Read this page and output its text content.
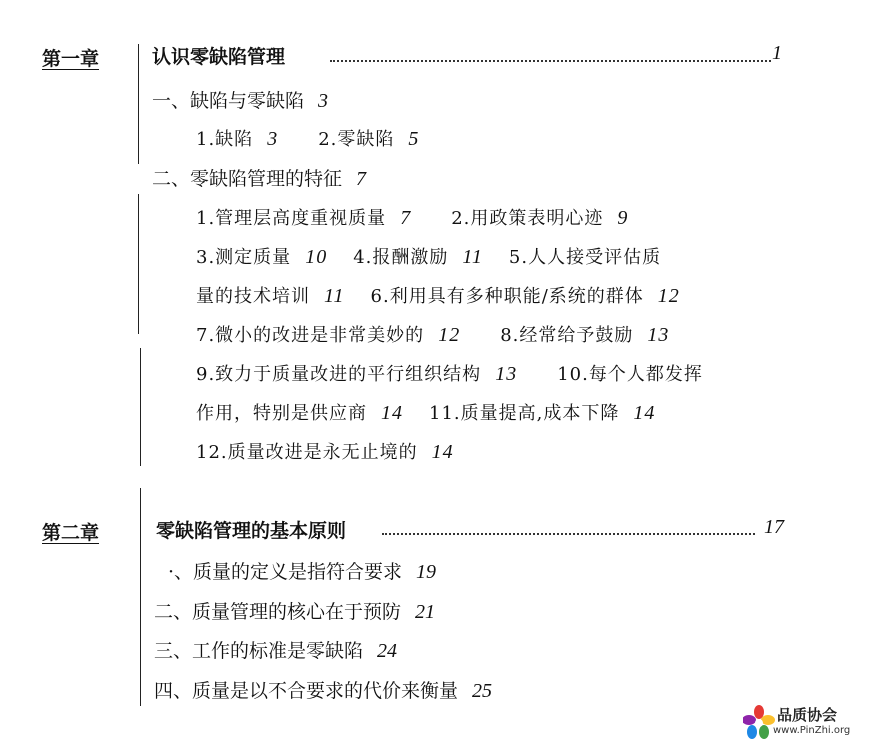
第一章	认识零缺陷管理	1
一、缺陷与零缺陷 3
1.缺陷 3 2.零缺陷 5
二、零缺陷管理的特征 7
1.管理层高度重视质量 7 2.用政策表明心迹 9
3.测定质量 10 4.报酬激励 11 5.人人接受评估质
量的技术培训 11 6.利用具有多种职能/系统的群体 12
7.微小的改进是非常美妙的 12 8.经常给予鼓励 13
9.致力于质量改进的平行组织结构 13 10.每个人都发挥
作用，特别是供应商 14 11.质量提高,成本下降 14
12.质量改进是永无止境的 14
第二章	零缺陷管理的基本原则	17
·、质量的定义是指符合要求 19
二、质量管理的核心在于预防 21
三、工作的标准是零缺陷 24
四、质量是以不合要求的代价来衡量 25
品质协会
www.PinZhi.org
